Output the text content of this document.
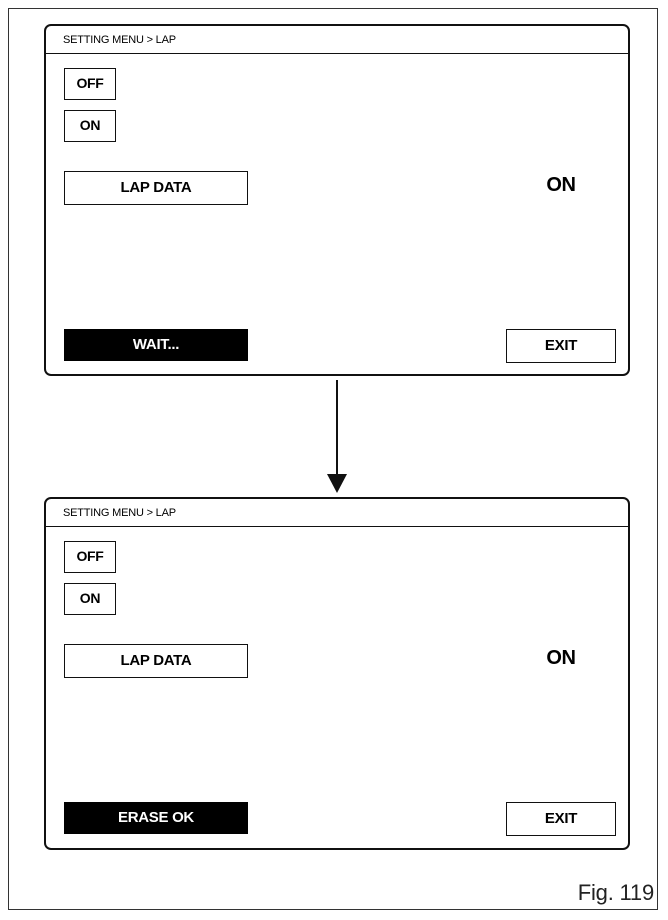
SETTING MENU > LAP
OFF
ON
LAP DATA	ON
WAIT...	EXIT
SETTING MENU > LAP
OFF
ON
LAP DATA	ON
ERASE OK	EXIT
Fig. 119
